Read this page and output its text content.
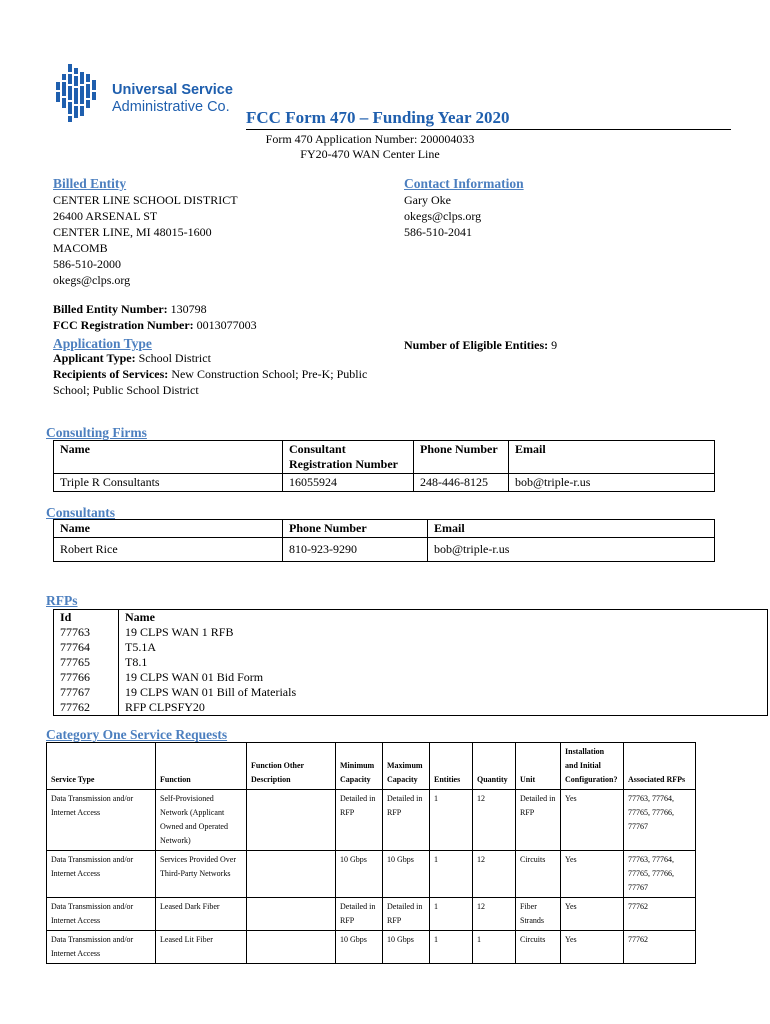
Universal Service
Administrative Co.
FCC Form 470 – Funding Year 2020
Form 470 Application Number: 200004033
FY20-470 WAN Center Line
Billed Entity
CENTER LINE SCHOOL DISTRICT
26400 ARSENAL ST
CENTER LINE, MI 48015-1600
MACOMB
586-510-2000
okegs@clps.org
Contact Information
Gary Oke
okegs@clps.org
586-510-2041
Billed Entity Number: 130798
FCC Registration Number: 0013077003
Application Type
Applicant Type: School District
Recipients of Services: New Construction School; Pre-K; Public
School; Public School District
Number of Eligible Entities: 9
Consulting Firms
Name	Consultant Registration Number	Phone Number	Email
Triple R Consultants	16055924	248-446-8125	bob@triple-r.us
Consultants
Name	Phone Number	Email
Robert Rice	810-923-9290	bob@triple-r.us
RFPs
Id	Name
77763	19 CLPS WAN 1 RFB
77764	T5.1A
77765	T8.1
77766	19 CLPS WAN 01 Bid Form
77767	19 CLPS WAN 01 Bill of Materials
77762	RFP CLPSFY20
Category One Service Requests
Service Type	Function	Function Other Description	Minimum Capacity	Maximum Capacity	Entities	Quantity	Unit	Installation and Initial Configuration?	Associated RFPs
Data Transmission and/or Internet Access	Self-Provisioned Network (Applicant Owned and Operated Network)		Detailed in RFP	Detailed in RFP	1	12	Detailed in RFP	Yes	77763, 77764, 77765, 77766, 77767
Data Transmission and/or Internet Access	Services Provided Over Third-Party Networks		10 Gbps	10 Gbps	1	12	Circuits	Yes	77763, 77764, 77765, 77766, 77767
Data Transmission and/or Internet Access	Leased Dark Fiber		Detailed in RFP	Detailed in RFP	1	12	Fiber Strands	Yes	77762
Data Transmission and/or Internet Access	Leased Lit Fiber		10 Gbps	10 Gbps	1	1	Circuits	Yes	77762
